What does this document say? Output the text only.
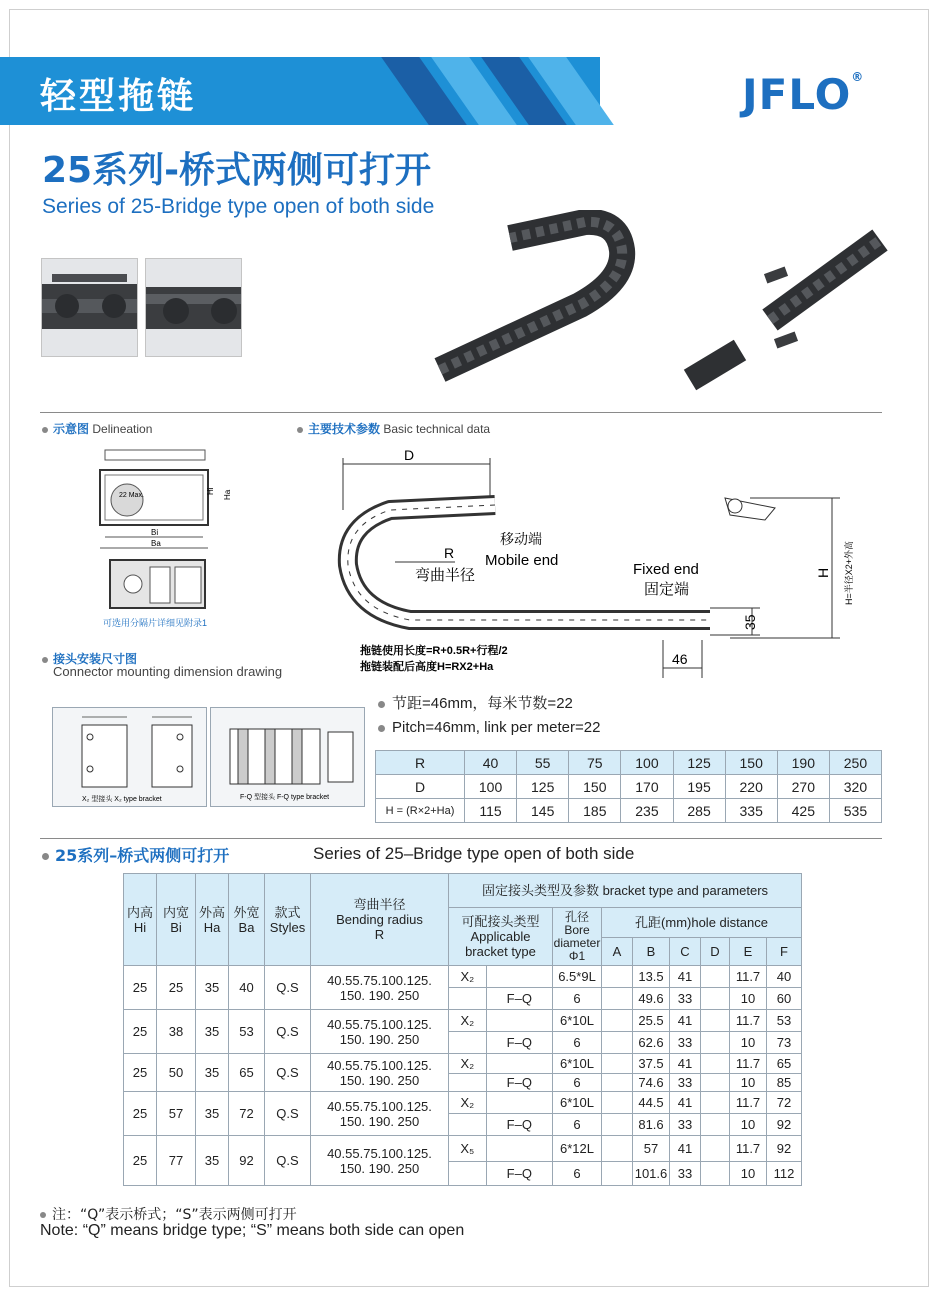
轻型拖链	JFLO®
25系列-桥式两侧可打开
Series of 25-Bridge type open of both side
示意图 Delineation	主要技术参数 Basic technical data
22 Max.
Bi
Ba
Hi Ha
可选用分隔片详细见附录1
D
R
移动端
Mobile end
弯曲半径	Fixed end
固定端
H H=半径X2+外高
35
46
拖链使用长度=R+0.5R+行程/2
拖链装配后高度H=RX2+Ha
接头安装尺寸图
Connector mounting dimension drawing
X₂ 型接头 X₂ type bracket	F-Q 型接头 F-Q type bracket
节距=46mm，每米节数=22
Pitch=46mm, link per meter=22
R	40	55	75	100	125	150	190	250
D	100	125	150	170	195	220	270	320
H = (R×2+Ha)	115	145	185	235	285	335	425	535
25系列–桥式两侧可打开	Series of 25–Bridge type open of both side
内高
Hi	内宽
Bi	外高
Ha	外宽
Ba	款式
Styles	弯曲半径
Bending radius
R	固定接头类型及参数 bracket type and parameters								
						可配接头类型
Applicable
bracket type		孔径
Bore
diameter
Φ1	孔距(mm)hole distance					
									A	B	C	D	E	F
25	25	35	40	Q.S	40.55.75.100.125.
150. 190. 250	X₂		6.5*9L		13.5	41		11.7	40
							F–Q	6		49.6	33		10	60
25	38	35	53	Q.S	40.55.75.100.125.
150. 190. 250	X₂		6*10L		25.5	41		11.7	53
							F–Q	6		62.6	33		10	73
25	50	35	65	Q.S	40.55.75.100.125.
150. 190. 250	X₂		6*10L		37.5	41		11.7	65
							F–Q	6		74.6	33		10	85
25	57	35	72	Q.S	40.55.75.100.125.
150. 190. 250	X₂		6*10L		44.5	41		11.7	72
							F–Q	6		81.6	33		10	92
25	77	35	92	Q.S	40.55.75.100.125.
150. 190. 250	X₅		6*12L		57	41		11.7	92
							F–Q	6		101.6	33		10	112
注：“Q”表示桥式；“S”表示两侧可打开
Note: “Q” means bridge type; “S” means both side can open
